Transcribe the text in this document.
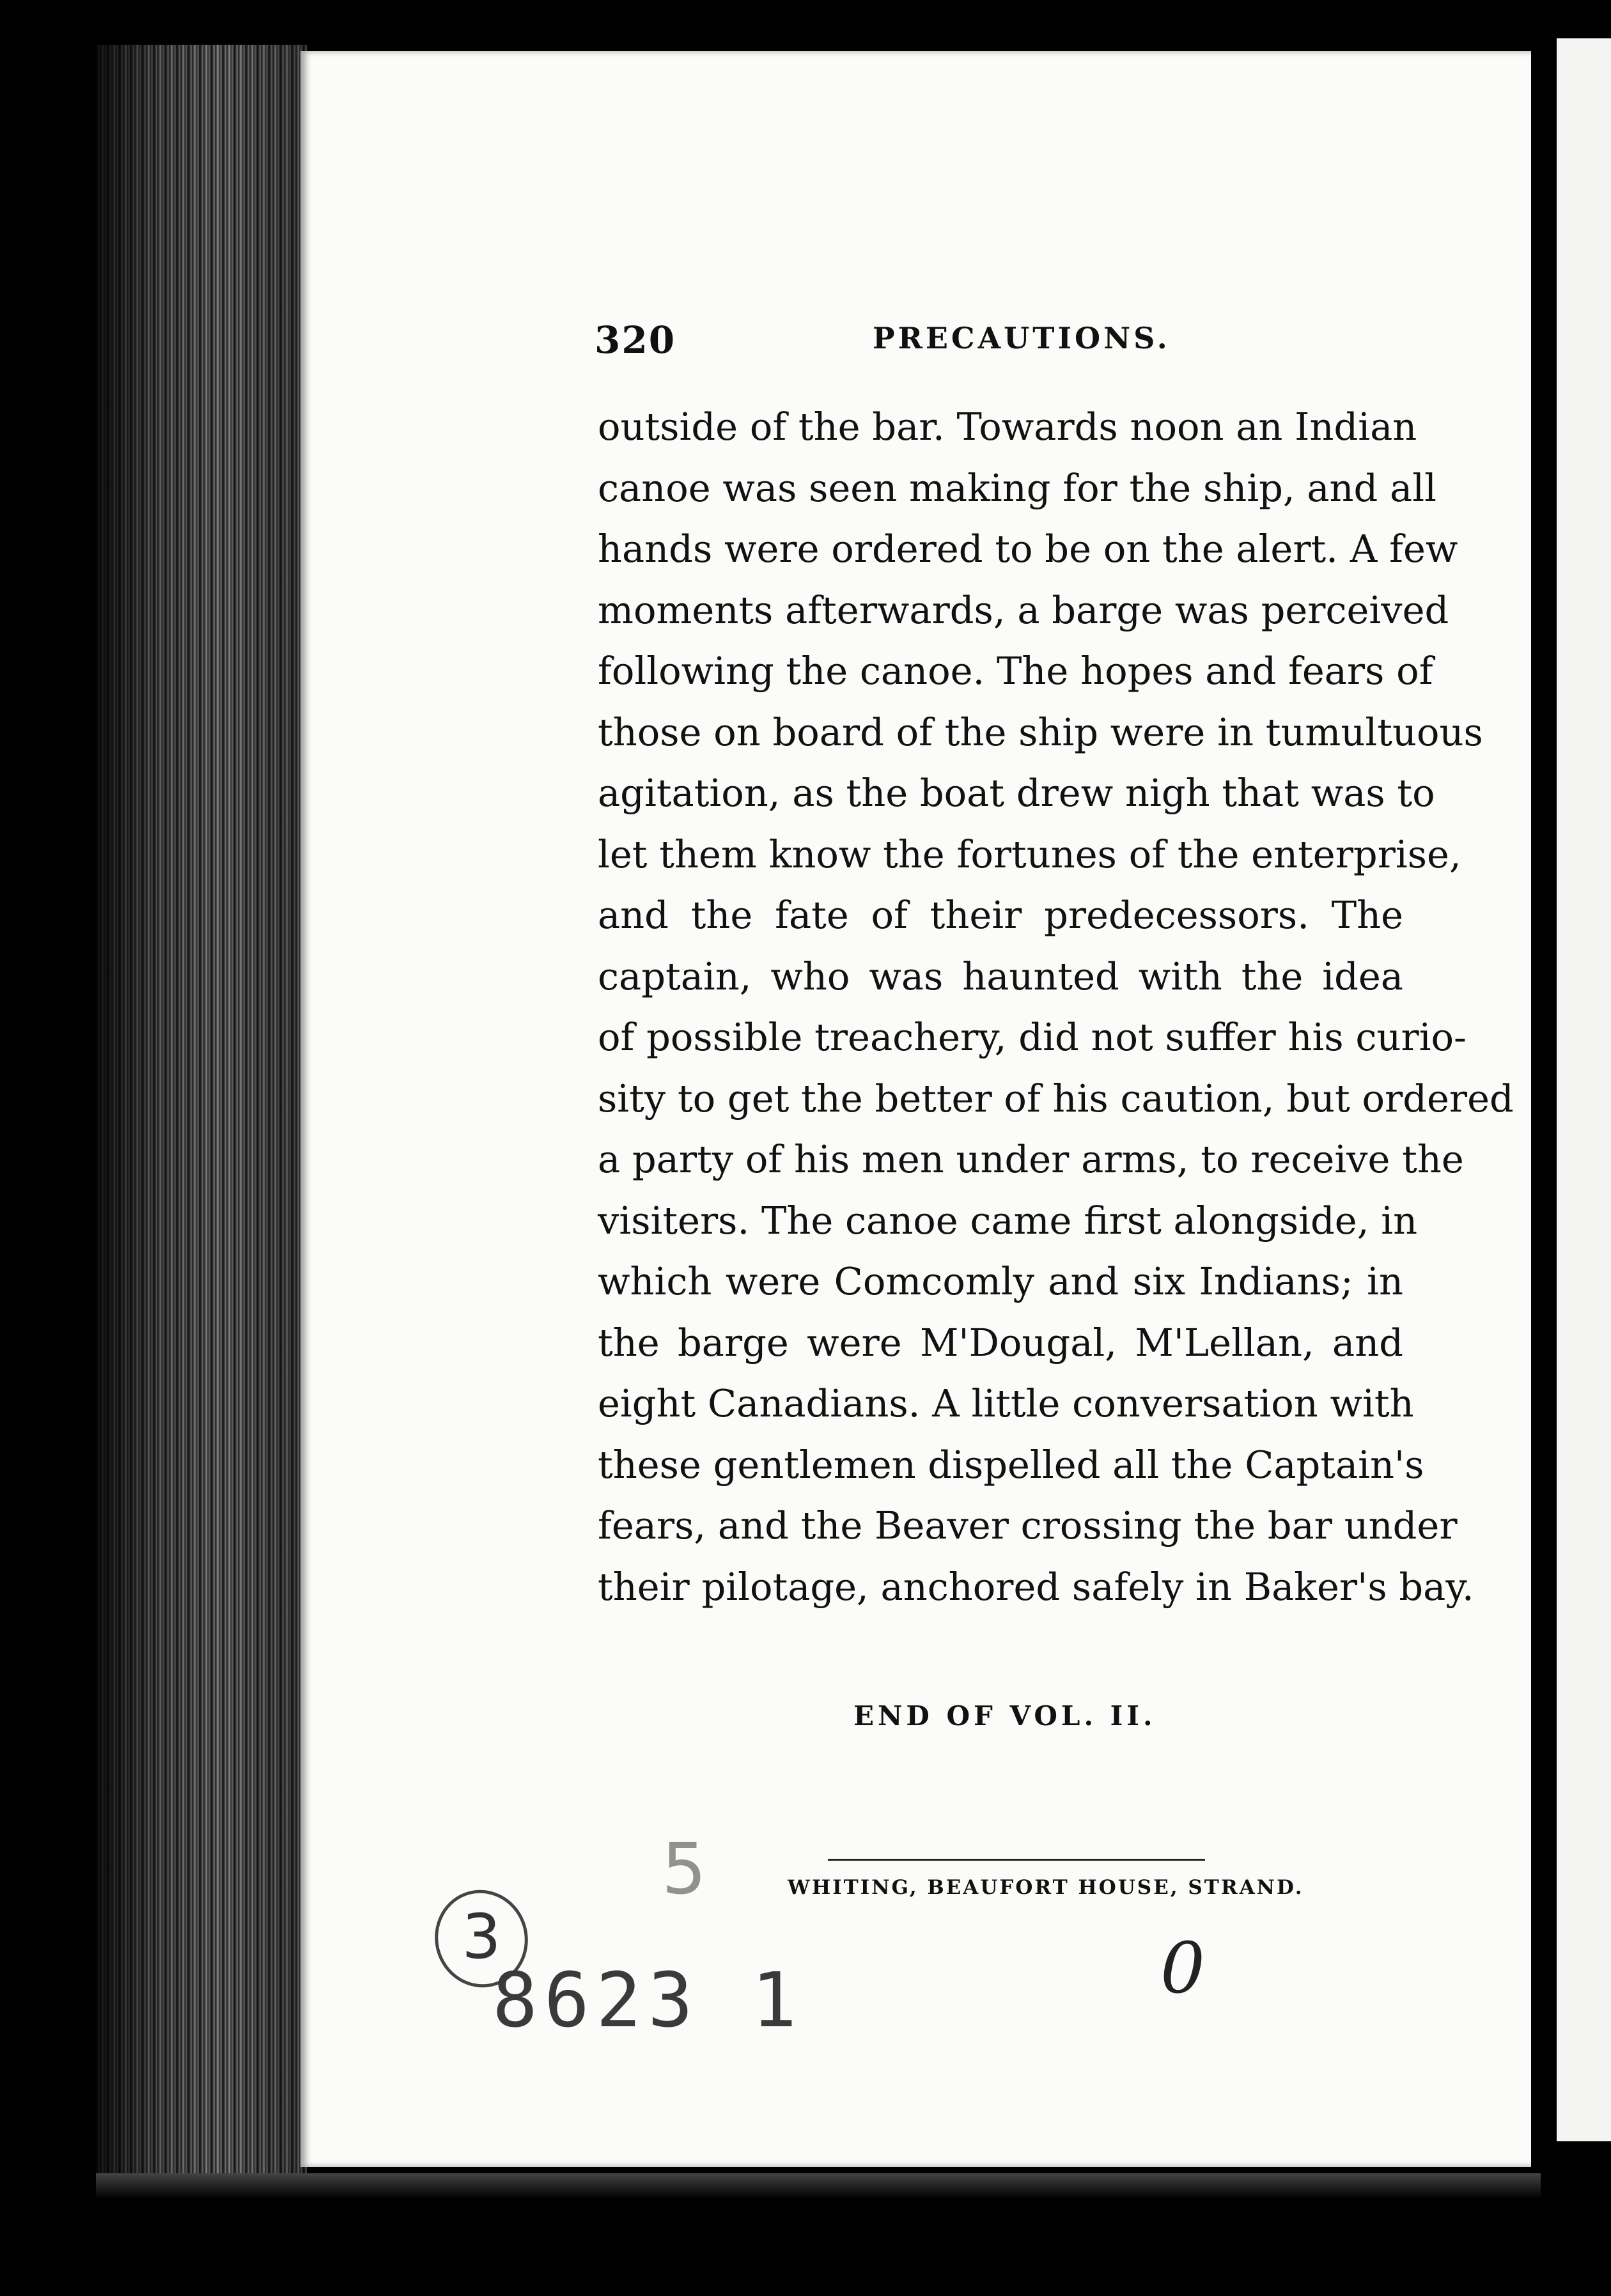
320	PRECAUTIONS.
outside of the bar. Towards noon an Indian
canoe was seen making for the ship, and all
hands were ordered to be on the alert. A few
moments afterwards, a barge was perceived
following the canoe. The hopes and fears of
those on board of the ship were in tumultuous
agitation, as the boat drew nigh that was to
let them know the fortunes of the enterprise,
and the fate of their predecessors. The
captain, who was haunted with the idea
of possible treachery, did not suffer his curio-
sity to get the better of his caution, but ordered
a party of his men under arms, to receive the
visiters. The canoe came first alongside, in
which were Comcomly and six Indians; in
the barge were M'Dougal, M'Lellan, and
eight Canadians. A little conversation with
these gentlemen dispelled all the Captain's
fears, and the Beaver crossing the bar under
their pilotage, anchored safely in Baker's bay.
END OF VOL. II.
WHITING, BEAUFORT HOUSE, STRAND.
5
3
8623 1	0
